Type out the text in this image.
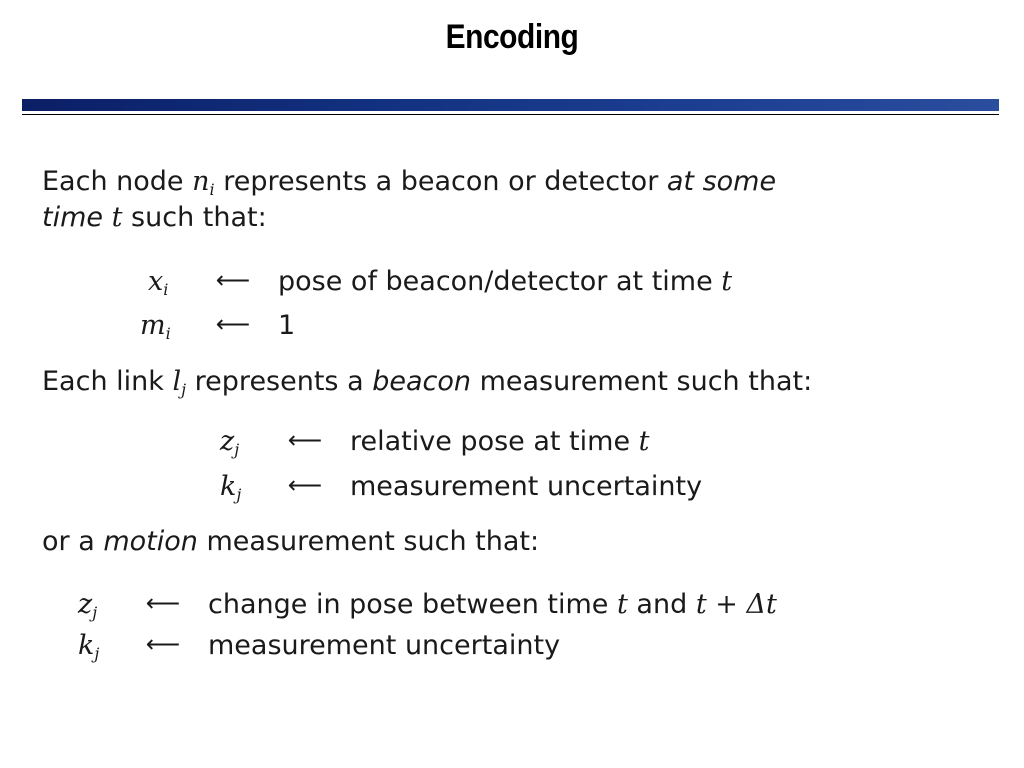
Encoding
Each node $n_i$ represents a beacon or detector at some
time t such that:
$x_i$ ⟵ pose of beacon/detector at time t
$m_i$ ⟵ 1
Each link $l_j$ represents a beacon measurement such that:
$z_j$ ⟵ relative pose at time t
$k_j$ ⟵ measurement uncertainty
or a motion measurement such that:
$z_j$ ⟵ change in pose between time t and t + Δt
$k_j$ ⟵ measurement uncertainty
